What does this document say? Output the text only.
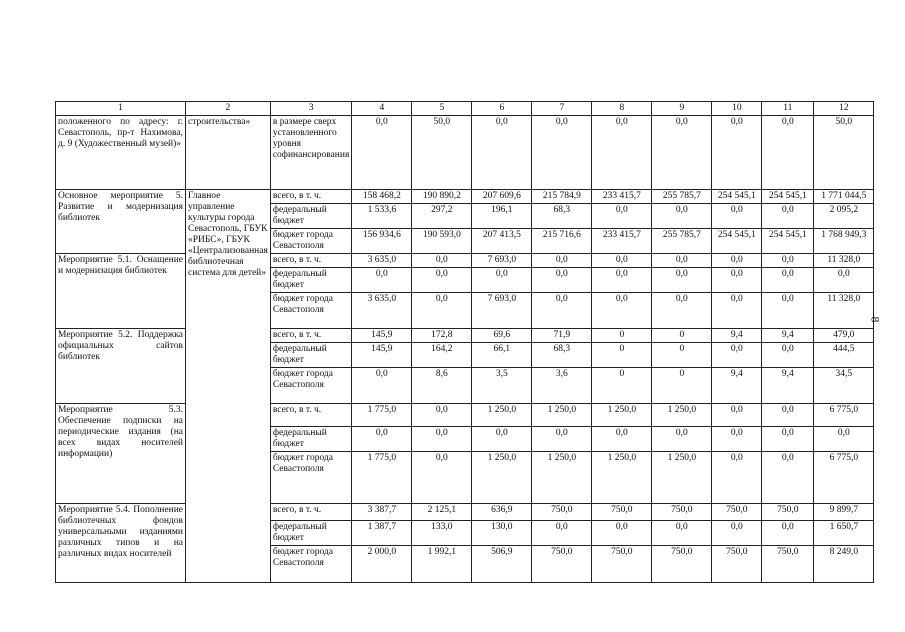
1	2	3	4	5	6	7	8	9	10	11	12
положенного по адресу: г. Севастополь, пр-т Нахимова, д. 9 (Художественный музей)»	строительства»	в размере сверх установленного уровня софинансирования	0,0	50,0	0,0	0,0	0,0	0,0	0,0	0,0	50,0
Основное мероприятие 5. Развитие и модернизация библиотек	Главное управление культуры города Севастополь, ГБУК «РИБС», ГБУК «Централизованная библиотечная система для детей»	всего, в т. ч.	158 468,2	190 890,2	207 609,6	215 784,9	233 415,7	255 785,7	254 545,1	254 545,1	1 771 044,5
		федеральный бюджет	1 533,6	297,2	196,1	68,3	0,0	0,0	0,0	0,0	2 095,2
		бюджет города Севастополя	156 934,6	190 593,0	207 413,5	215 716,6	233 415,7	255 785,7	254 545,1	254 545,1	1 768 949,3
Мероприятие 5.1. Оснащение и модернизация библиотек		всего, в т. ч.	3 635,0	0,0	7 693,0	0,0	0,0	0,0	0,0	0,0	11 328,0
		федеральный бюджет	0,0	0,0	0,0	0,0	0,0	0,0	0,0	0,0	0,0
		бюджет города Севастополя	3 635,0	0,0	7 693,0	0,0	0,0	0,0	0,0	0,0	11 328,0
Мероприятие 5.2. Поддержка официальных сайтов библиотек		всего, в т. ч.	145,9	172,8	69,6	71,9	0	0	9,4	9,4	479,0
		федеральный бюджет	145,9	164,2	66,1	68,3	0	0	0,0	0,0	444,5
		бюджет города Севастополя	0,0	8,6	3,5	3,6	0	0	9,4	9,4	34,5
Мероприятие 5.3. Обеспечение подписки на периодические издания (на всех видах носителей информации)		всего, в т. ч.	1 775,0	0,0	1 250,0	1 250,0	1 250,0	1 250,0	0,0	0,0	6 775,0
		федеральный бюджет	0,0	0,0	0,0	0,0	0,0	0,0	0,0	0,0	0,0
		бюджет города Севастополя	1 775,0	0,0	1 250,0	1 250,0	1 250,0	1 250,0	0,0	0,0	6 775,0
Мероприятие 5.4. Пополнение библиотечных фондов универсальными изданиями различных типов и на различных видах носителей		всего, в т. ч.	3 387,7	2 125,1	636,9	750,0	750,0	750,0	750,0	750,0	9 899,7
		федеральный бюджет	1 387,7	133,0	130,0	0,0	0,0	0,0	0,0	0,0	1 650,7
		бюджет города Севастополя	2 000,0	1 992,1	506,9	750,0	750,0	750,0	750,0	750,0	8 249,0
8
